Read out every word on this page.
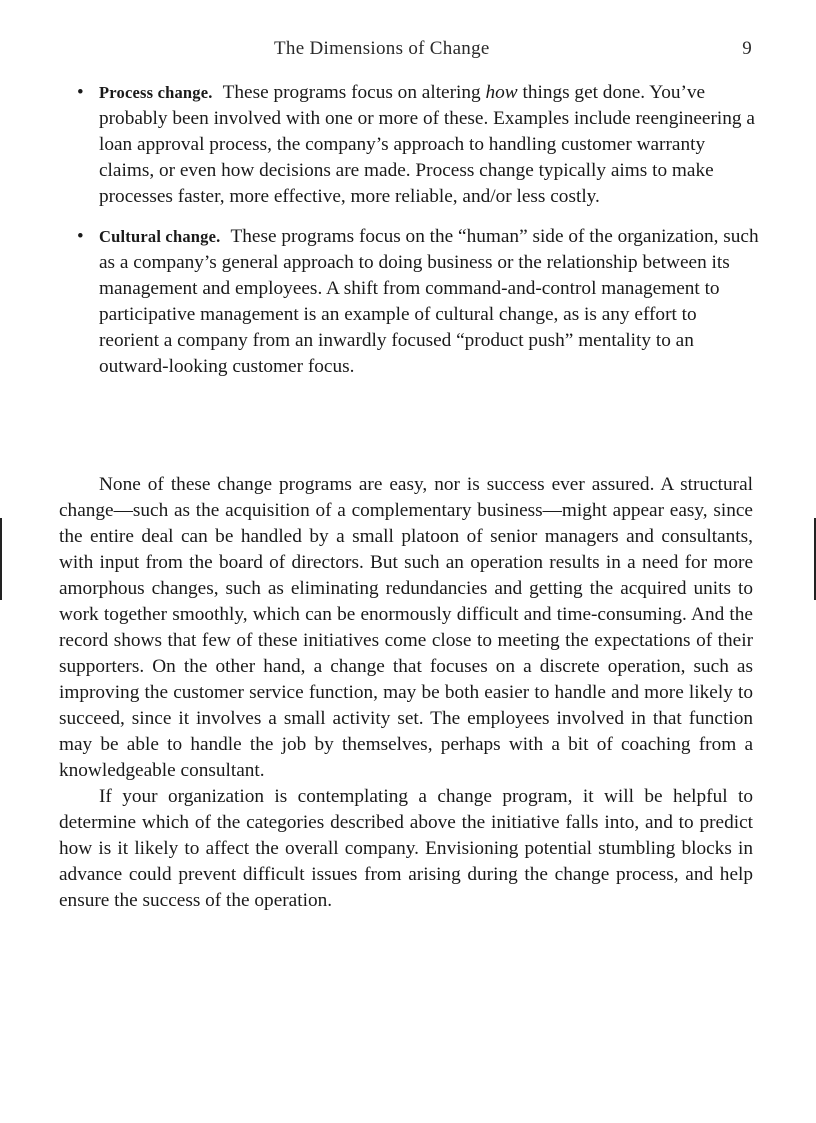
The Dimensions of Change	9
• Process change. These programs focus on altering how things get done. You’ve probably been involved with one or more of these. Examples include reengineering a loan approval process, the company’s approach to handling customer warranty claims, or even how decisions are made. Process change typically aims to make processes faster, more effective, more reliable, and/or less costly.
• Cultural change. These programs focus on the “human” side of the organization, such as a company’s general approach to doing business or the relationship between its management and employees. A shift from command-and-control management to participative management is an example of cultural change, as is any effort to reorient a company from an inwardly focused “product push” mentality to an outward-looking customer focus.

None of these change programs are easy, nor is success ever assured. A structural change—such as the acquisition of a complementary business—might appear easy, since the entire deal can be handled by a small platoon of senior managers and consultants, with input from the board of directors. But such an operation results in a need for more amorphous changes, such as eliminating redundancies and getting the acquired units to work together smoothly, which can be enormously difficult and time-consuming. And the record shows that few of these initiatives come close to meeting the expectations of their supporters. On the other hand, a change that focuses on a discrete operation, such as improving the customer service function, may be both easier to handle and more likely to succeed, since it involves a small activity set. The employees involved in that function may be able to handle the job by themselves, perhaps with a bit of coaching from a knowledgeable consultant.

If your organization is contemplating a change program, it will be helpful to determine which of the categories described above the initiative falls into, and to predict how is it likely to affect the overall company. Envisioning potential stumbling blocks in advance could prevent difficult issues from arising during the change process, and help ensure the success of the operation.
